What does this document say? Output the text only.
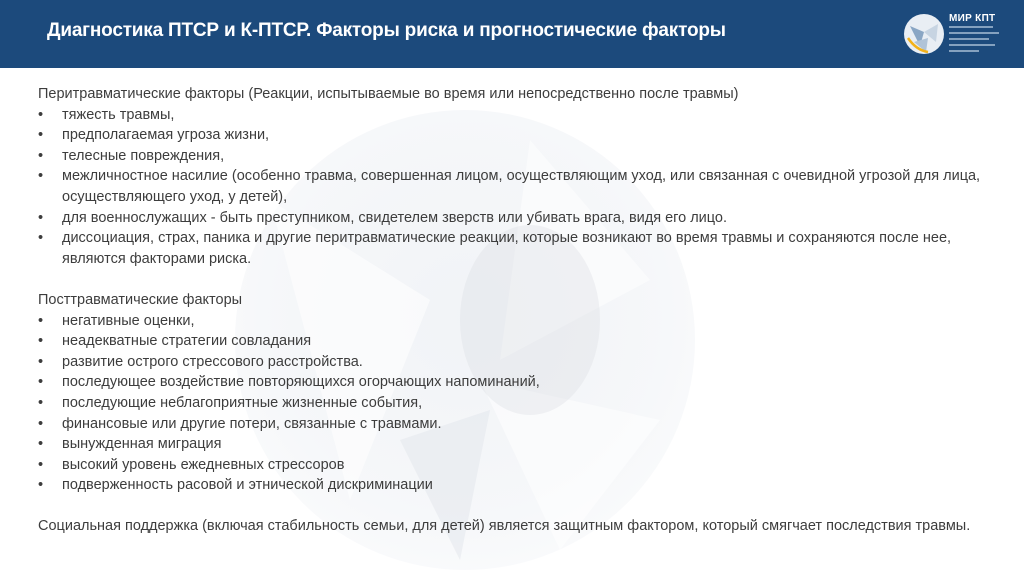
Диагностика ПТСР и К-ПТСР. Факторы риска и прогностические факторы
МИР КПТ

Перитравматические факторы (Реакции, испытываемые во время или непосредственно после травмы)

• тяжесть травмы,
• предполагаемая угроза жизни,
• телесные повреждения,
• межличностное насилие (особенно травма, совершенная лицом, осуществляющим уход, или связанная с очевидной угрозой для лица, осуществляющего уход, у детей),
• для военнослужащих - быть преступником, свидетелем зверств или убивать врага, видя его лицо.
• диссоциация, страх, паника и другие перитравматические реакции, которые возникают во время травмы и сохраняются после нее, являются факторами риска.

Посттравматические факторы

• негативные оценки,
• неадекватные стратегии совладания
• развитие острого стрессового расстройства.
• последующее воздействие повторяющихся огорчающих напоминаний,
• последующие неблагоприятные жизненные события,
• финансовые или другие потери, связанные с травмами.
• вынужденная миграция
• высокий уровень ежедневных стрессоров
• подверженность расовой и этнической дискриминации

Социальная поддержка (включая стабильность семьи, для детей) является защитным фактором, который смягчает последствия травмы.
